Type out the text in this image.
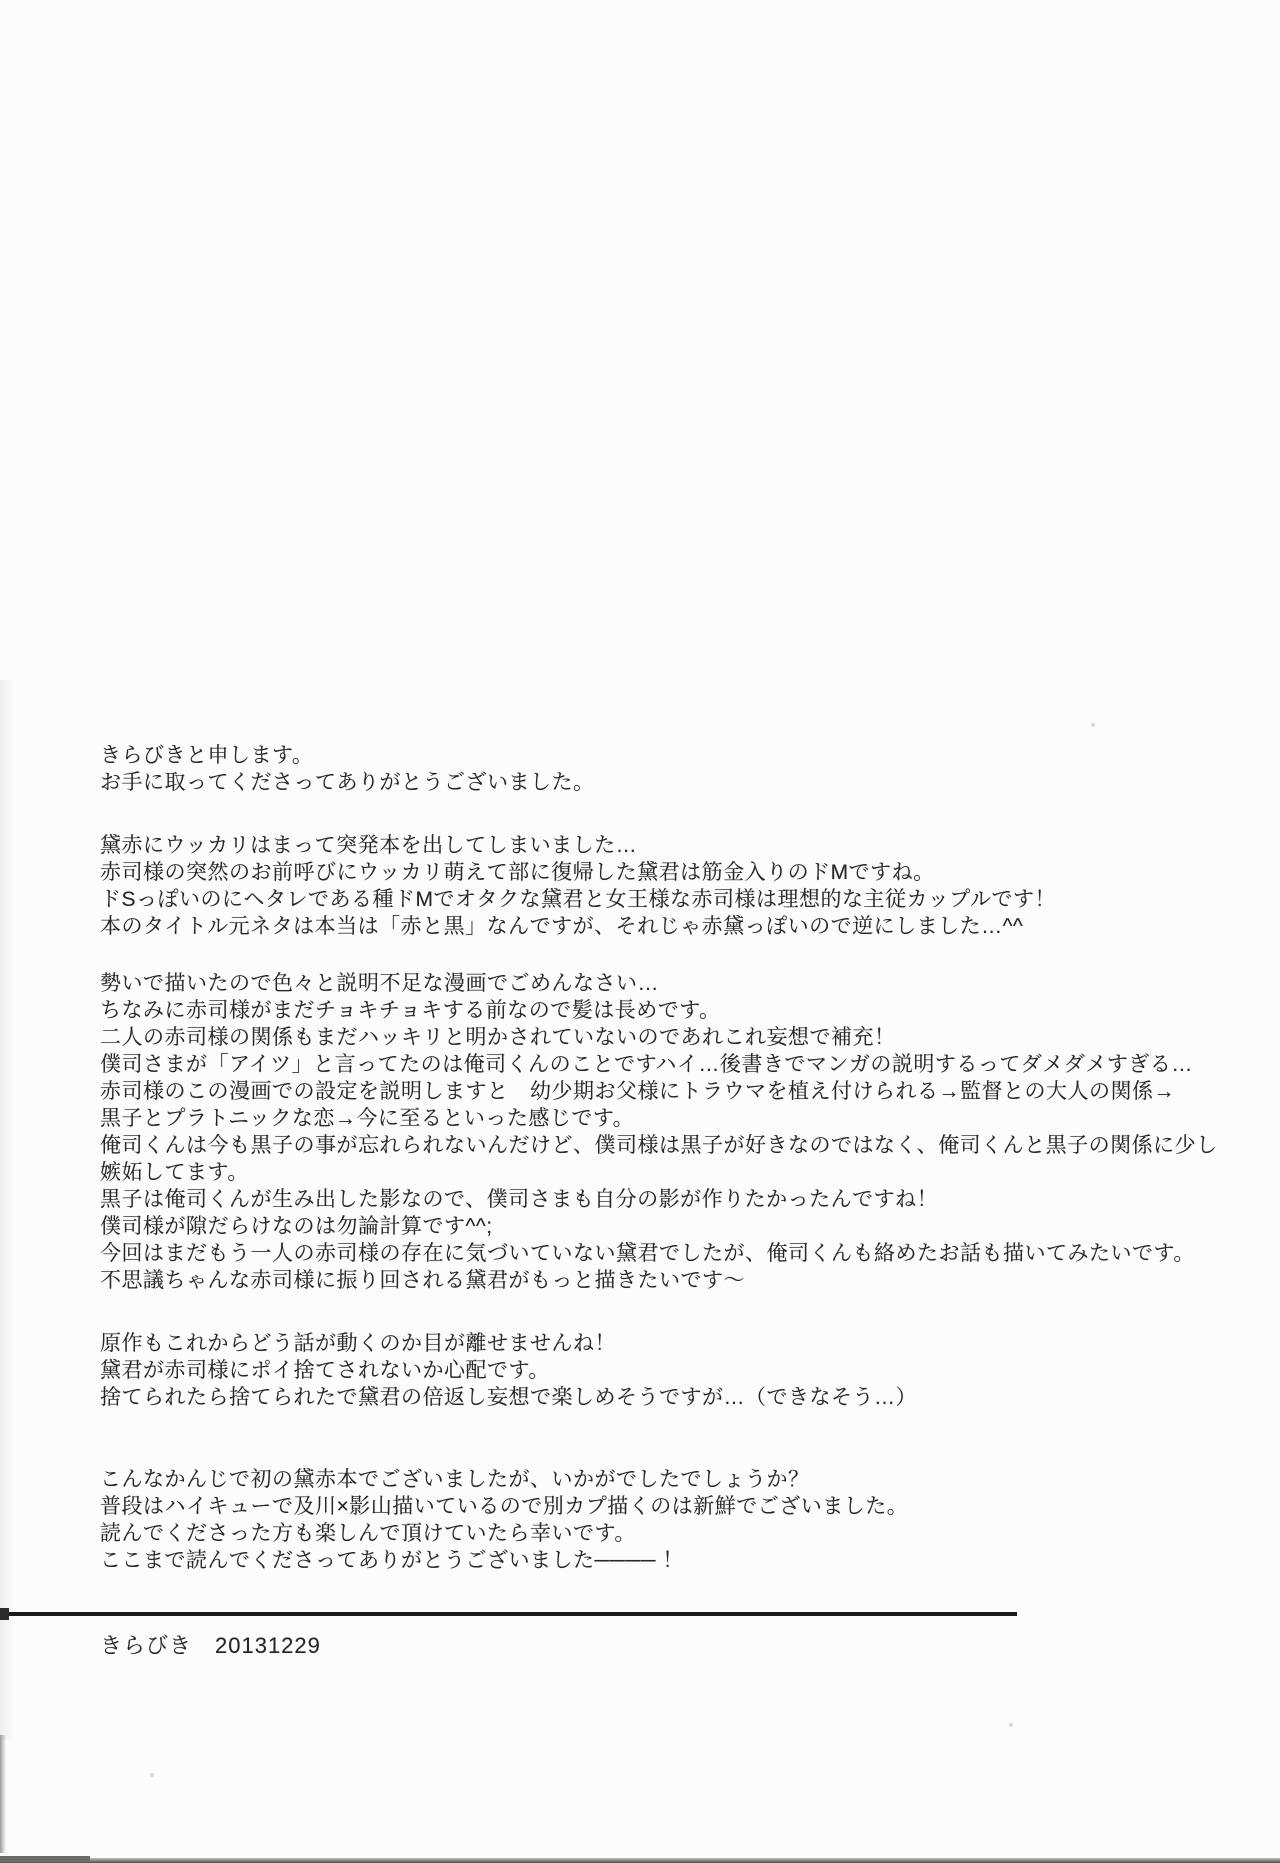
きらびきと申します。
お手に取ってくださってありがとうございました。
黛赤にウッカリはまって突発本を出してしまいました…
赤司様の突然のお前呼びにウッカリ萌えて部に復帰した黛君は筋金入りのドMですね。
ドSっぽいのにヘタレである種ドMでオタクな黛君と女王様な赤司様は理想的な主従カップルです！
本のタイトル元ネタは本当は「赤と黒」なんですが、それじゃ赤黛っぽいので逆にしました…^^
勢いで描いたので色々と説明不足な漫画でごめんなさい…
ちなみに赤司様がまだチョキチョキする前なので髪は長めです。
二人の赤司様の関係もまだハッキリと明かされていないのであれこれ妄想で補充！
僕司さまが「アイツ」と言ってたのは俺司くんのことですハイ…後書きでマンガの説明するってダメダメすぎる…
赤司様のこの漫画での設定を説明しますと　幼少期お父様にトラウマを植え付けられる→監督との大人の関係→
黒子とプラトニックな恋→今に至るといった感じです。
俺司くんは今も黒子の事が忘れられないんだけど、僕司様は黒子が好きなのではなく、俺司くんと黒子の関係に少し
嫉妬してます。
黒子は俺司くんが生み出した影なので、僕司さまも自分の影が作りたかったんですね！
僕司様が隙だらけなのは勿論計算です^^;
今回はまだもう一人の赤司様の存在に気づいていない黛君でしたが、俺司くんも絡めたお話も描いてみたいです。
不思議ちゃんな赤司様に振り回される黛君がもっと描きたいです～
原作もこれからどう話が動くのか目が離せませんね！
黛君が赤司様にポイ捨てされないか心配です。
捨てられたら捨てられたで黛君の倍返し妄想で楽しめそうですが…（できなそう…）
こんなかんじで初の黛赤本でございましたが、いかがでしたでしょうか？
普段はハイキューで及川×影山描いているので別カプ描くのは新鮮でございました。
読んでくださった方も楽しんで頂けていたら幸いです。
ここまで読んでくださってありがとうございました──── ！
きらびき　20131229
